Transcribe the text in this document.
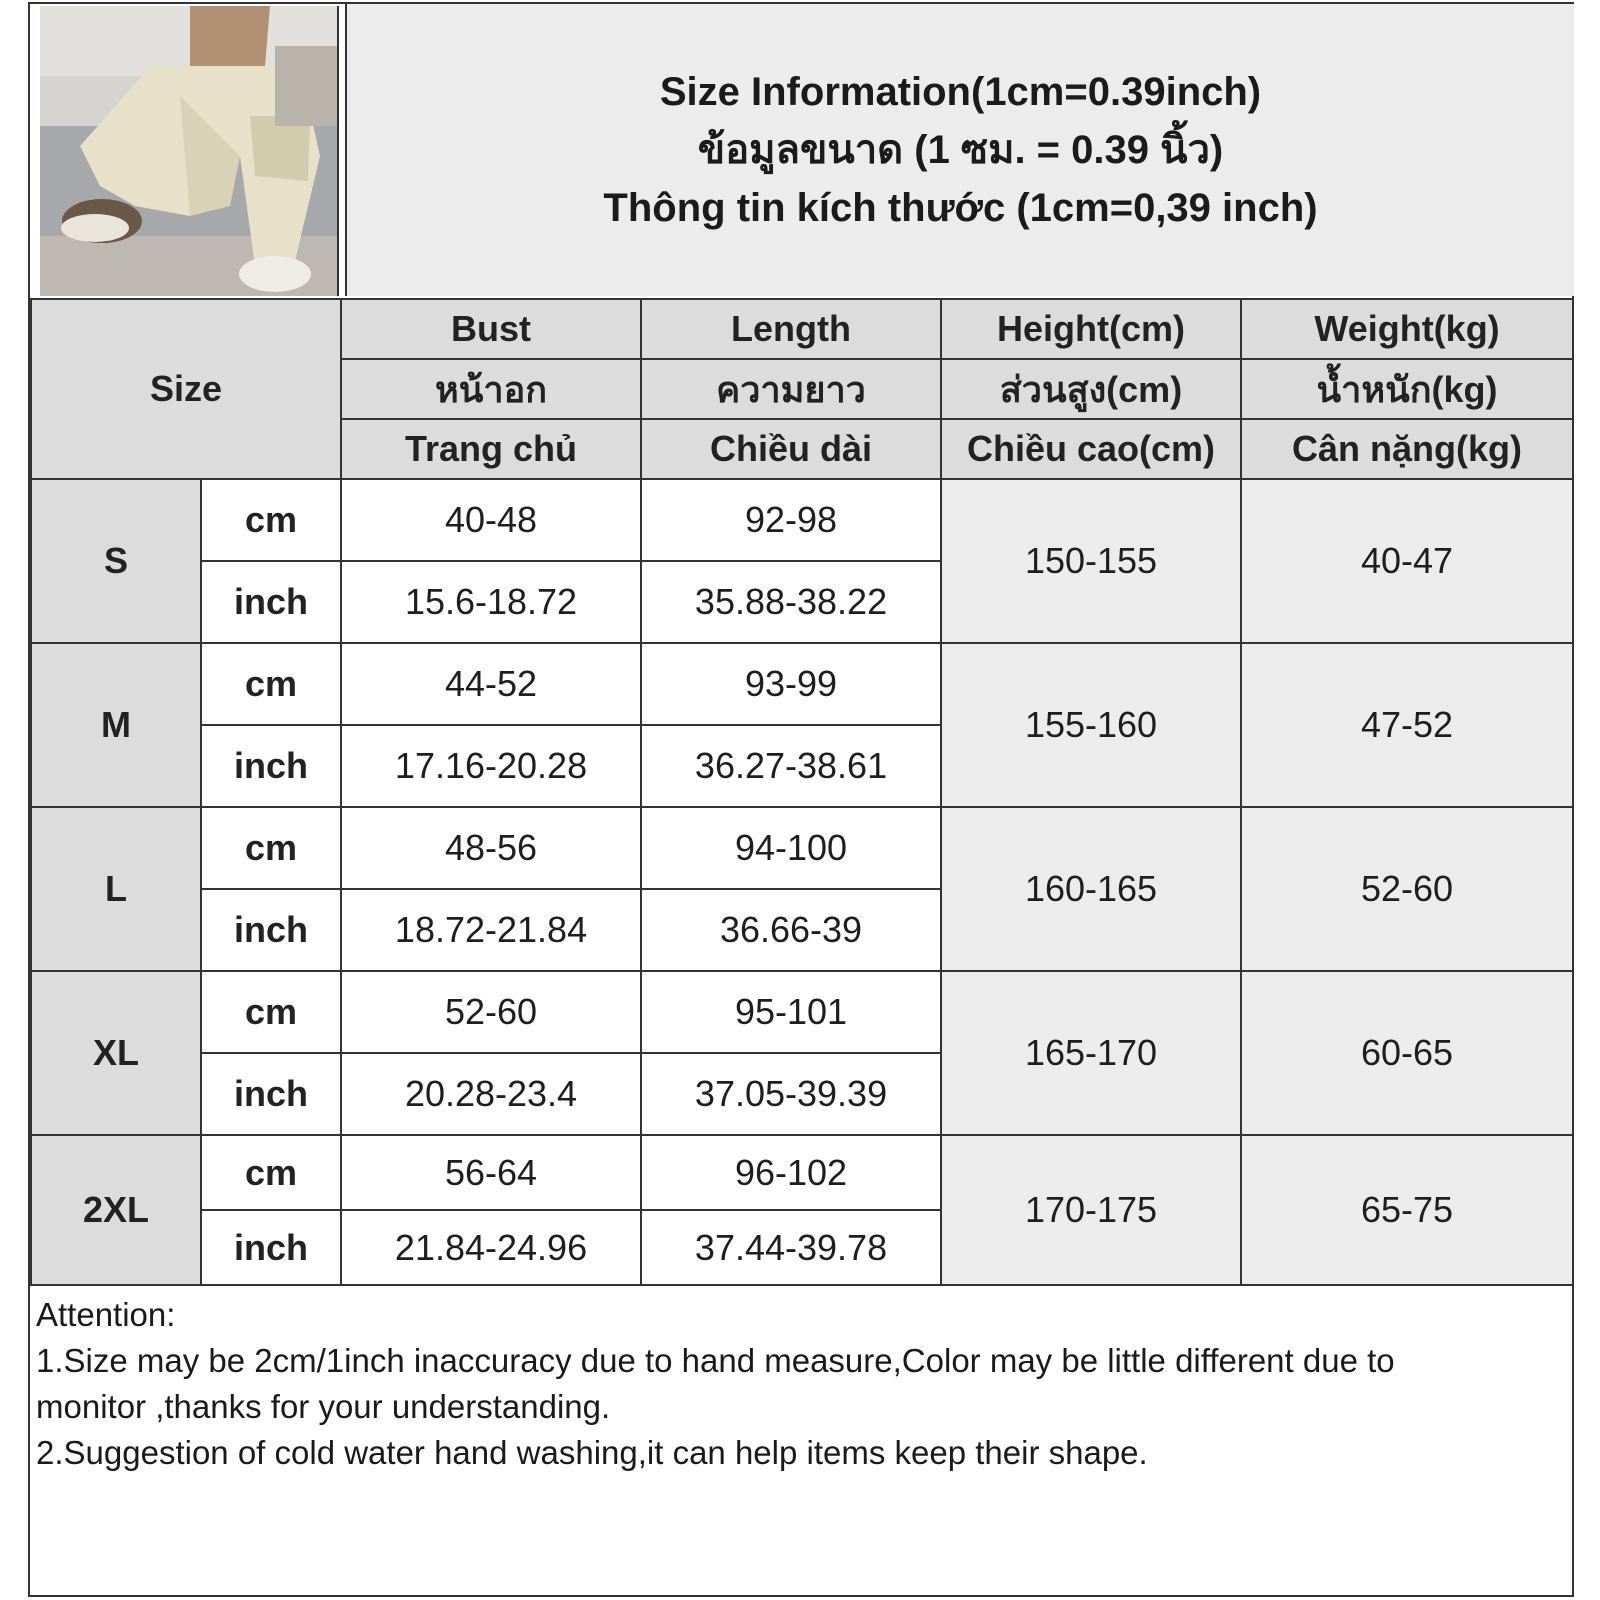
Size Information(1cm=0.39inch)
ข้อมูลขนาด (1 ซม. = 0.39 นิ้ว)
Thông tin kích thước (1cm=0,39 inch)
Size		Bust	Length	Height(cm)	Weight(kg)
		หน้าอก	ความยาว	ส่วนสูง(cm)	น้ำหนัก(kg)
		Trang chủ	Chiều dài	Chiều cao(cm)	Cân nặng(kg)
S	cm	40-48	92-98	150-155	40-47
	inch	15.6-18.72	35.88-38.22		
M	cm	44-52	93-99	155-160	47-52
	inch	17.16-20.28	36.27-38.61		
L	cm	48-56	94-100	160-165	52-60
	inch	18.72-21.84	36.66-39		
XL	cm	52-60	95-101	165-170	60-65
	inch	20.28-23.4	37.05-39.39		
2XL	cm	56-64	96-102	170-175	65-75
	inch	21.84-24.96	37.44-39.78		
Attention:
1.Size may be 2cm/1inch inaccuracy due to hand measure,Color may be little different due to
monitor ,thanks for your understanding.
2.Suggestion of cold water hand washing,it can help items keep their shape.
